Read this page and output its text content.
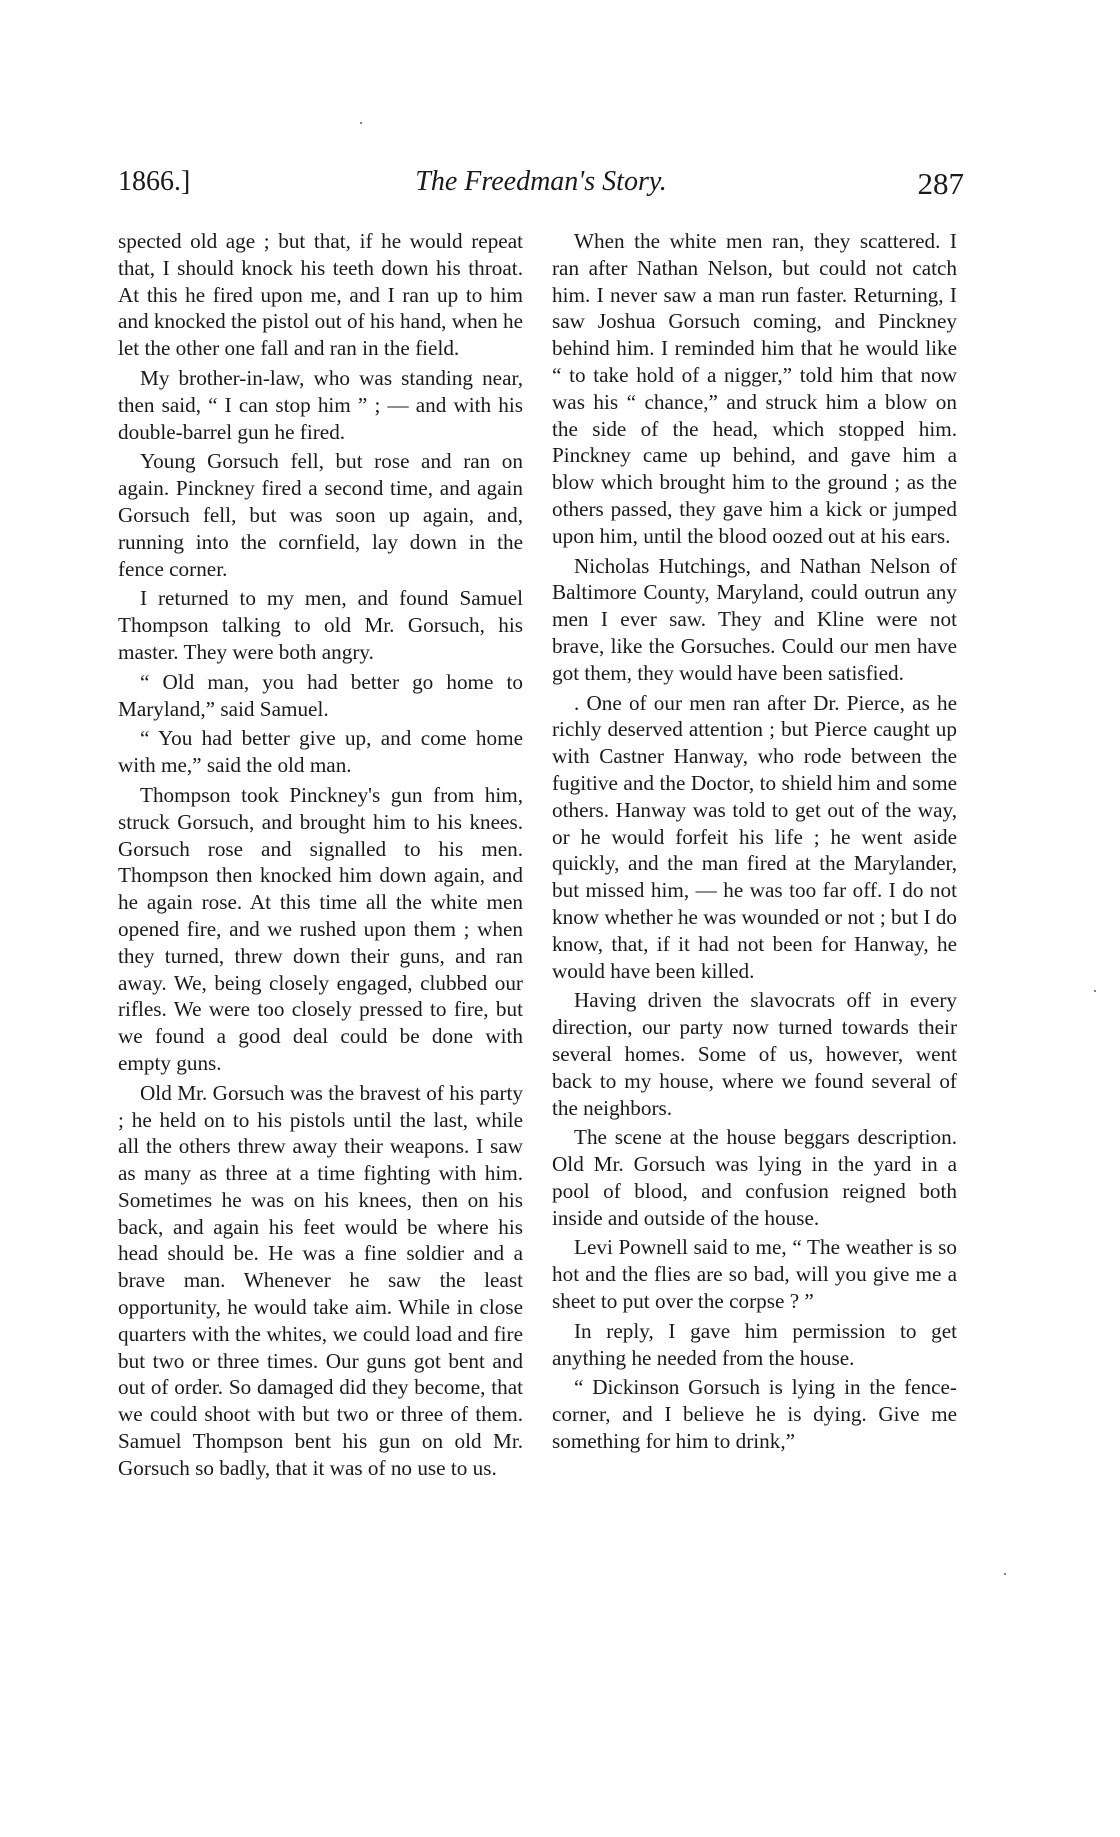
1866.]	The Freedman's Story.	287

spected old age ; but that, if he would repeat that, I should knock his teeth down his throat. At this he fired upon me, and I ran up to him and knocked the pistol out of his hand, when he let the other one fall and ran in the field.

My brother-in-law, who was standing near, then said, “ I can stop him ” ; — and with his double-barrel gun he fired.

Young Gorsuch fell, but rose and ran on again. Pinckney fired a second time, and again Gorsuch fell, but was soon up again, and, running into the cornfield, lay down in the fence corner.

I returned to my men, and found Samuel Thompson talking to old Mr. Gorsuch, his master. They were both angry.

“ Old man, you had better go home to Maryland,” said Samuel.

“ You had better give up, and come home with me,” said the old man.

Thompson took Pinckney's gun from him, struck Gorsuch, and brought him to his knees. Gorsuch rose and signalled to his men. Thompson then knocked him down again, and he again rose. At this time all the white men opened fire, and we rushed upon them ; when they turned, threw down their guns, and ran away. We, being closely engaged, clubbed our rifles. We were too closely pressed to fire, but we found a good deal could be done with empty guns.

Old Mr. Gorsuch was the bravest of his party ; he held on to his pistols until the last, while all the others threw away their weapons. I saw as many as three at a time fighting with him. Sometimes he was on his knees, then on his back, and again his feet would be where his head should be. He was a fine soldier and a brave man. Whenever he saw the least opportunity, he would take aim. While in close quarters with the whites, we could load and fire but two or three times. Our guns got bent and out of order. So damaged did they become, that we could shoot with but two or three of them. Samuel Thompson bent his gun on old Mr. Gorsuch so badly, that it was of no use to us.

When the white men ran, they scattered. I ran after Nathan Nelson, but could not catch him. I never saw a man run faster. Returning, I saw Joshua Gorsuch coming, and Pinckney behind him. I reminded him that he would like “ to take hold of a nigger,” told him that now was his “ chance,” and struck him a blow on the side of the head, which stopped him. Pinckney came up behind, and gave him a blow which brought him to the ground ; as the others passed, they gave him a kick or jumped upon him, until the blood oozed out at his ears.

Nicholas Hutchings, and Nathan Nelson of Baltimore County, Maryland, could outrun any men I ever saw. They and Kline were not brave, like the Gorsuches. Could our men have got them, they would have been satisfied.

. One of our men ran after Dr. Pierce, as he richly deserved attention ; but Pierce caught up with Castner Hanway, who rode between the fugitive and the Doctor, to shield him and some others. Hanway was told to get out of the way, or he would forfeit his life ; he went aside quickly, and the man fired at the Marylander, but missed him, — he was too far off. I do not know whether he was wounded or not ; but I do know, that, if it had not been for Hanway, he would have been killed.

Having driven the slavocrats off in every direction, our party now turned towards their several homes. Some of us, however, went back to my house, where we found several of the neighbors.

The scene at the house beggars description. Old Mr. Gorsuch was lying in the yard in a pool of blood, and confusion reigned both inside and outside of the house.

Levi Pownell said to me, “ The weather is so hot and the flies are so bad, will you give me a sheet to put over the corpse ? ”

In reply, I gave him permission to get anything he needed from the house.

“ Dickinson Gorsuch is lying in the fence-corner, and I believe he is dying. Give me something for him to drink,”
